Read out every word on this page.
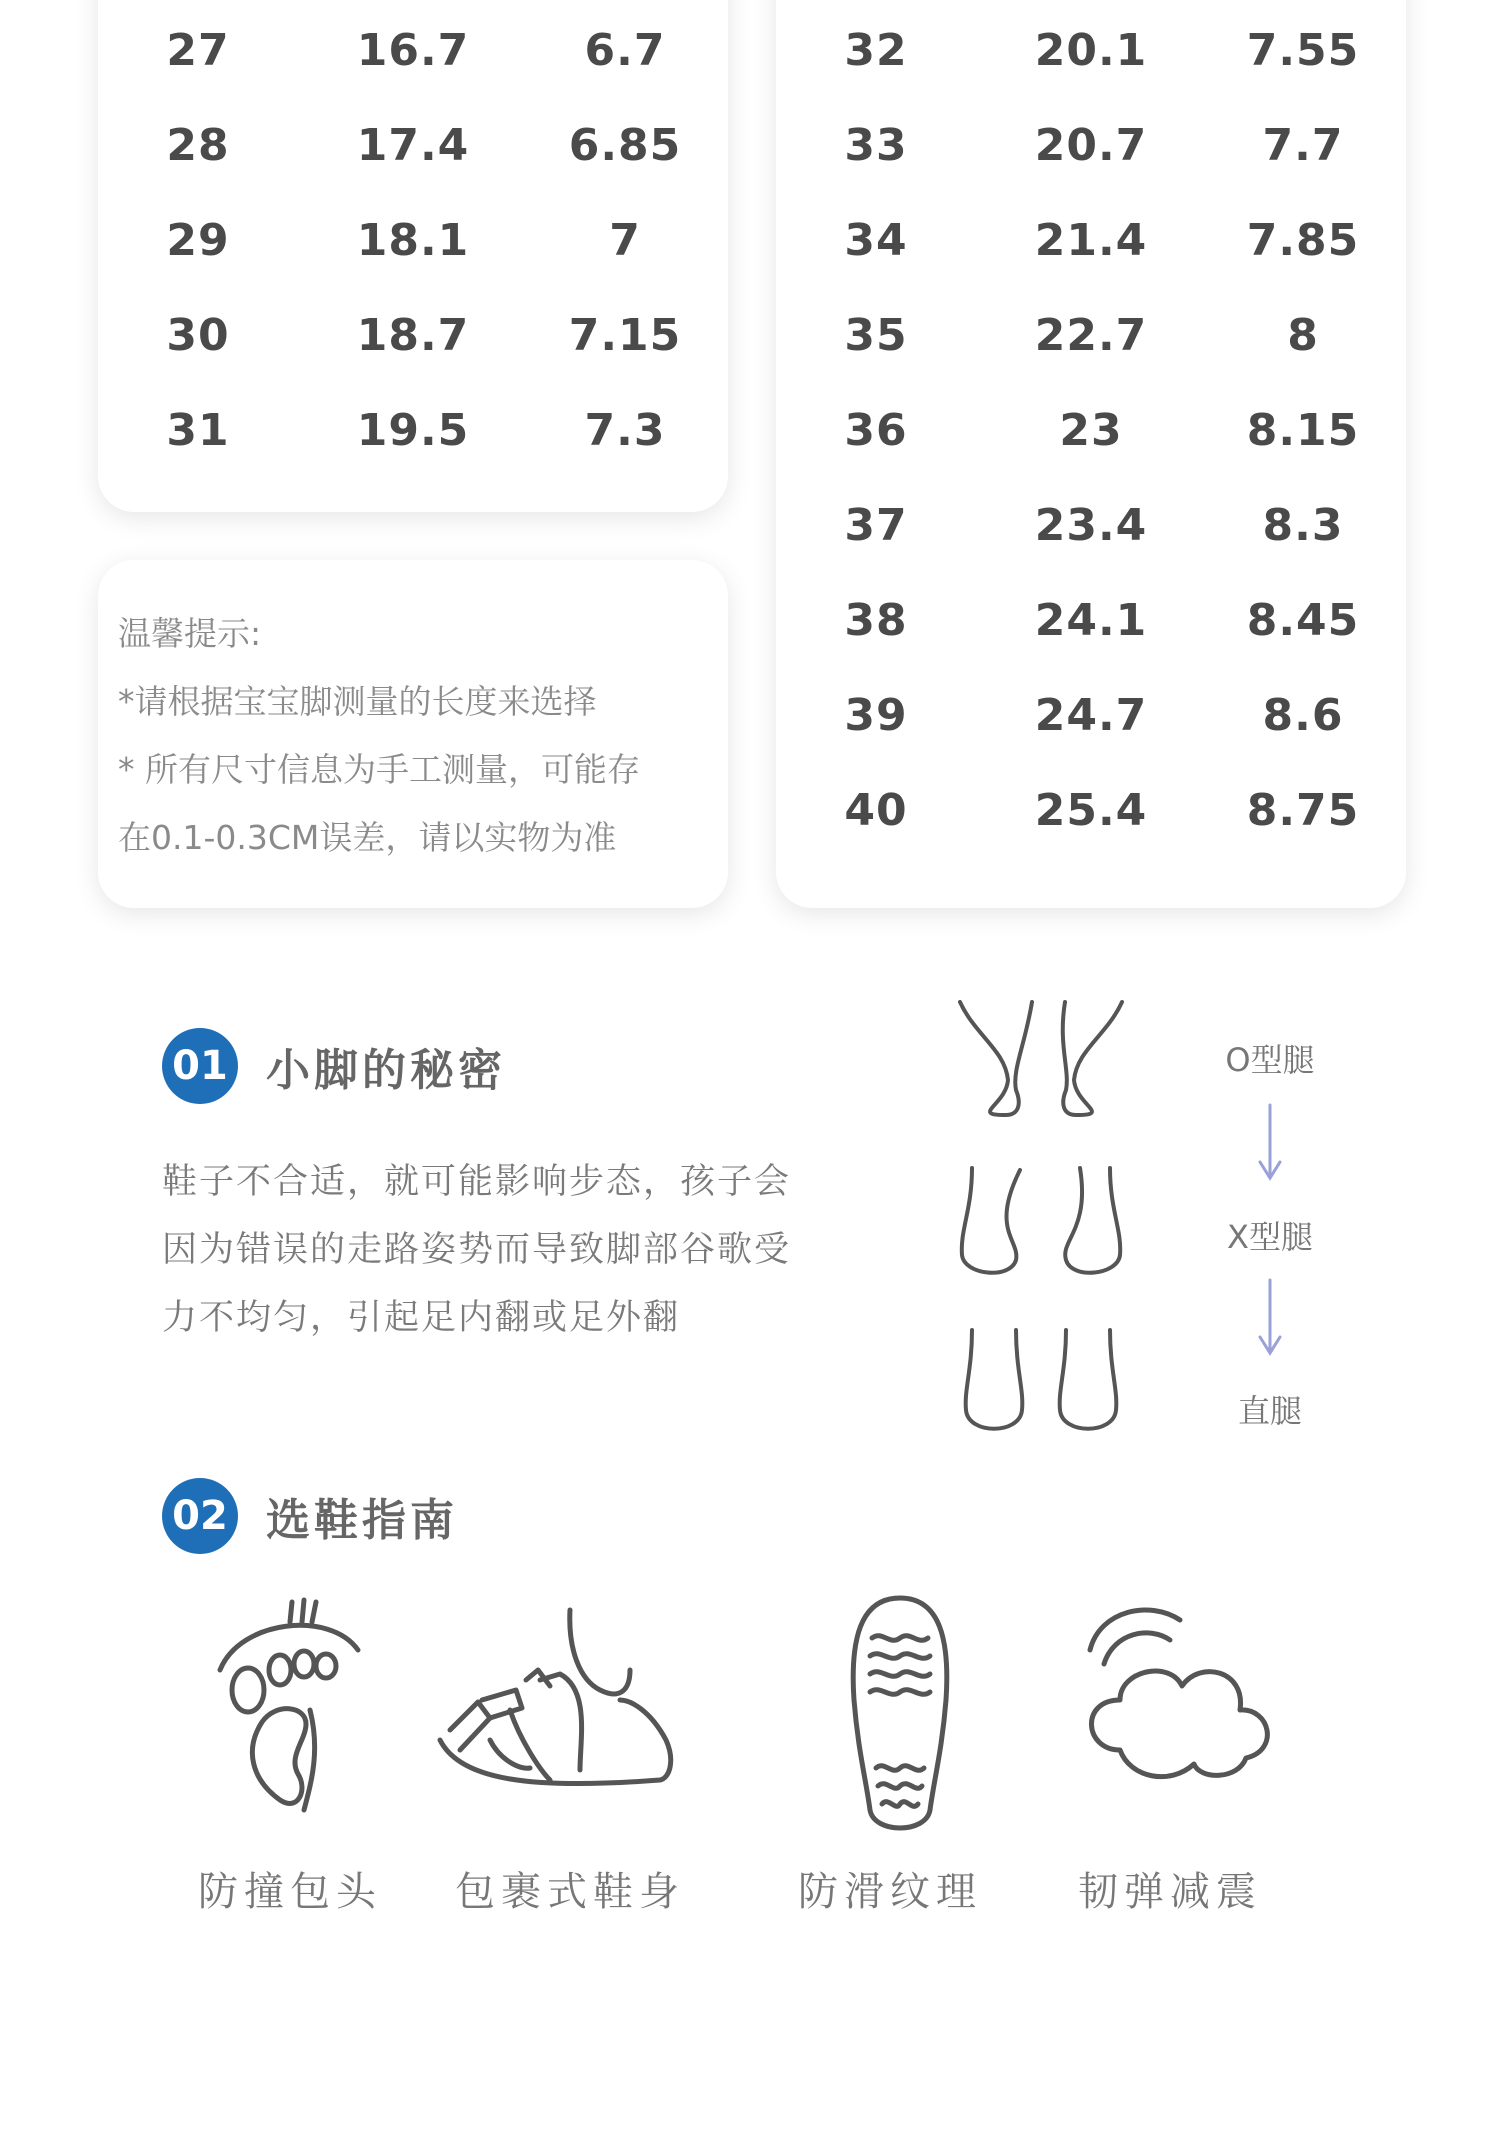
27	16.7	6.7
28	17.4	6.85
29	18.1	7
30	18.7	7.15
31	19.5	7.3
温馨提示:
*请根据宝宝脚测量的长度来选择
* 所有尺寸信息为手工测量，可能存
在0.1-0.3CM误差，请以实物为准
32	20.1	7.55
33	20.7	7.7
34	21.4	7.85
35	22.7	8
36	23	8.15
37	23.4	8.3
38	24.1	8.45
39	24.7	8.6
40	25.4	8.75
01 小脚的秘密
鞋子不合适，就可能影响步态，孩子会
因为错误的走路姿势而导致脚部谷歌受
力不均匀，引起足内翻或足外翻
O型腿
X型腿
直腿
02 选鞋指南
防撞包头	包裹式鞋身	防滑纹理	韧弹减震
